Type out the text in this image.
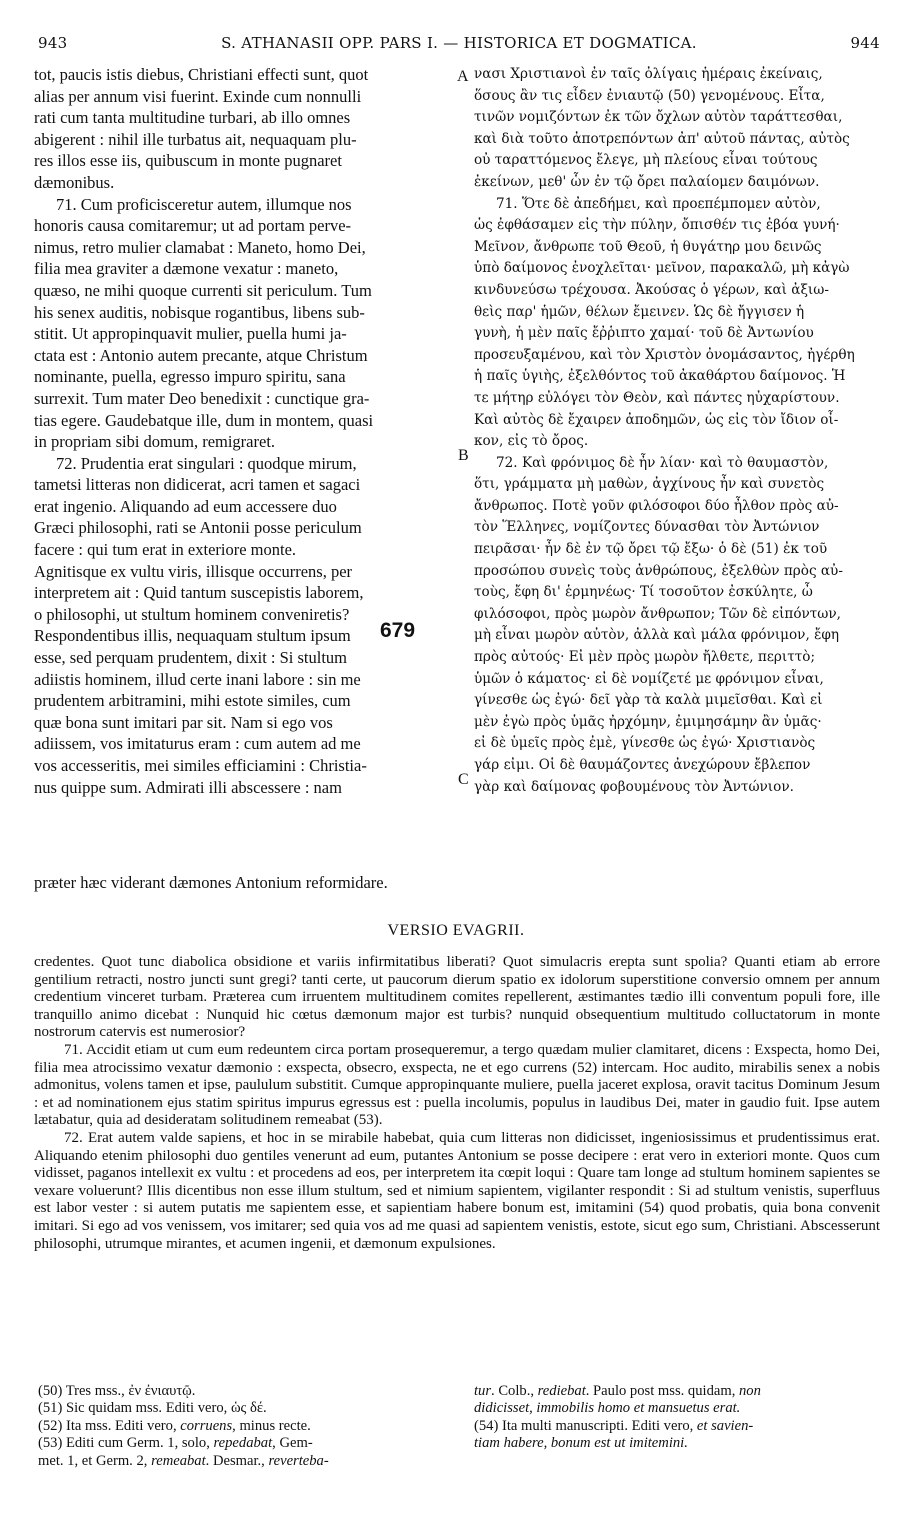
943	S. ATHANASII OPP. PARS I. — HISTORICA ET DOGMATICA.	944

tot, paucis istis diebus, Christiani effecti sunt, quot

alias per annum visi fuerint. Exinde cum nonnulli

rati cum tanta multitudine turbari, ab illo omnes

abigerent : nihil ille turbatus ait, nequaquam plu-

res illos esse iis, quibuscum in monte pugnaret

dæmonibus.

71. Cum proficisceretur autem, illumque nos

honoris causa comitaremur; ut ad portam perve-

nimus, retro mulier clamabat : Maneto, homo Dei,

filia mea graviter a dæmone vexatur : maneto,

quæso, ne mihi quoque currenti sit periculum. Tum

his senex auditis, nobisque rogantibus, libens sub-

stitit. Ut appropinquavit mulier, puella humi ja-

ctata est : Antonio autem precante, atque Christum

nominante, puella, egresso impuro spiritu, sana

surrexit. Tum mater Deo benedixit : cunctique gra-

tias egere. Gaudebatque ille, dum in montem, quasi

in propriam sibi domum, remigraret.

72. Prudentia erat singulari : quodque mirum,

tametsi litteras non didicerat, acri tamen et sagaci

erat ingenio. Aliquando ad eum accessere duo

Græci philosophi, rati se Antonii posse periculum

facere : qui tum erat in exteriore monte.

Agnitisque ex vultu viris, illisque occurrens, per

interpretem ait : Quid tantum suscepistis laborem,

o philosophi, ut stultum hominem conveniretis?

Respondentibus illis, nequaquam stultum ipsum

esse, sed perquam prudentem, dixit : Si stultum

adiistis hominem, illud certe inani labore : sin me

prudentem arbitramini, mihi estote similes, cum

quæ bona sunt imitari par sit. Nam si ego vos

adiissem, vos imitaturus eram : cum autem ad me

vos accesseritis, mei similes efficiamini : Christia-

nus quippe sum. Admirati illi abscessere : nam

679

νασι Χριστιανοὶ ἐν ταῖς ὀλίγαις ἡμέραις ἐκείναις,

ὅσους ἂν τις εἶδεν ἐνιαυτῷ (50) γενομένους. Εἶτα,

τινῶν νομιζόντων ἐκ τῶν ὄχλων αὐτὸν ταράττεσθαι,

καὶ διὰ τοῦτο ἀποτρεπόντων ἀπ' αὐτοῦ πάντας, αὐτὸς

οὐ ταραττόμενος ἔλεγε, μὴ πλείους εἶναι τούτους

ἐκείνων, μεθ' ὧν ἐν τῷ ὄρει παλαίομεν δαιμόνων.

71. Ὅτε δὲ ἀπεδήμει, καὶ προεπέμπομεν αὐτὸν,

ὡς ἐφθάσαμεν εἰς τὴν πύλην, ὄπισθέν τις ἐβόα γυνή·

Μεῖνον, ἄνθρωπε τοῦ Θεοῦ, ἡ θυγάτηρ μου δεινῶς

ὑπὸ δαίμονος ἐνοχλεῖται· μεῖνον, παρακαλῶ, μὴ κἀγὼ

κινδυνεύσω τρέχουσα. Ἀκούσας ὁ γέρων, καὶ ἀξιω-

θεὶς παρ' ἡμῶν, θέλων ἔμεινεν. Ὡς δὲ ἤγγισεν ἡ

γυνὴ, ἡ μὲν παῖς ἔῤῥιπτο χαμαί· τοῦ δὲ Ἀντωνίου

προσευξαμένου, καὶ τὸν Χριστὸν ὀνομάσαντος, ἠγέρθη

ἡ παῖς ὑγιὴς, ἐξελθόντος τοῦ ἀκαθάρτου δαίμονος. Ἡ

τε μήτηρ εὐλόγει τὸν Θεὸν, καὶ πάντες ηὐχαρίστουν.

Καὶ αὐτὸς δὲ ἔχαιρεν ἀποδημῶν, ὡς εἰς τὸν ἴδιον οἶ-

κον, εἰς τὸ ὄρος.

72. Καὶ φρόνιμος δὲ ἦν λίαν· καὶ τὸ θαυμαστὸν,

ὅτι, γράμματα μὴ μαθὼν, ἀγχίνους ἦν καὶ συνετὸς

ἄνθρωπος. Ποτὲ γοῦν φιλόσοφοι δύο ἦλθον πρὸς αὐ-

τὸν Ἕλληνες, νομίζοντες δύνασθαι τὸν Ἀντώνιον

πειρᾶσαι· ἦν δὲ ἐν τῷ ὄρει τῷ ἔξω· ὁ δὲ (51) ἐκ τοῦ

προσώπου συνεὶς τοὺς ἀνθρώπους, ἐξελθὼν πρὸς αὐ-

τοὺς, ἔφη δι' ἑρμηνέως· Τί τοσοῦτον ἐσκύλητε, ὦ

φιλόσοφοι, πρὸς μωρὸν ἄνθρωπον; Τῶν δὲ εἰπόντων,

μὴ εἶναι μωρὸν αὐτὸν, ἀλλὰ καὶ μάλα φρόνιμον, ἔφη

πρὸς αὐτούς· Εἰ μὲν πρὸς μωρὸν ἤλθετε, περιττὸ;

ὑμῶν ὁ κάματος· εἰ δὲ νομίζετέ με φρόνιμον εἶναι,

γίνεσθε ὡς ἐγώ· δεῖ γὰρ τὰ καλὰ μιμεῖσθαι. Καὶ εἰ

μὲν ἐγὼ πρὸς ὑμᾶς ἠρχόμην, ἐμιμησάμην ἂν ὑμᾶς·

εἰ δὲ ὑμεῖς πρὸς ἐμὲ, γίνεσθε ὡς ἐγώ· Χριστιανὸς

γάρ εἰμι. Οἱ δὲ θαυμάζοντες ἀνεχώρουν ἔβλεπον

γὰρ καὶ δαίμονας φοβουμένους τὸν Ἀντώνιον.

A
B
C
præter hæc viderant dæmones Antonium reformidare.
VERSIO EVAGRII.

credentes. Quot tunc diabolica obsidione et variis infirmitatibus liberati? Quot simulacris erepta sunt spolia? Quanti etiam ab errore gentilium retracti, nostro juncti sunt gregi? tanti certe, ut paucorum dierum spatio ex idolorum superstitione conversio omnem per annum credentium vinceret turbam. Præterea cum irruentem multitudinem comites repellerent, æstimantes tædio illi conventum populi fore, ille tranquillo animo dicebat : Nunquid hic cœtus dæmonum major est turbis? nunquid obsequentium multitudo colluctatorum in monte nostrorum catervis est numerosior?

71. Accidit etiam ut cum eum redeuntem circa portam prosequeremur, a tergo quædam mulier clamitaret, dicens : Exspecta, homo Dei, filia mea atrocissimo vexatur dæmonio : exspecta, obsecro, exspecta, ne et ego currens (52) intercam. Hoc audito, mirabilis senex a nobis admonitus, volens tamen et ipse, paululum substitit. Cumque appropinquante muliere, puella jaceret explosa, oravit tacitus Dominum Jesum : et ad nominationem ejus statim spiritus impurus egressus est : puella incolumis, populus in laudibus Dei, mater in gaudio fuit. Ipse autem lætabatur, quia ad desideratam solitudinem remeabat (53).

72. Erat autem valde sapiens, et hoc in se mirabile habebat, quia cum litteras non didicisset, ingeniosissimus et prudentissimus erat. Aliquando etenim philosophi duo gentiles venerunt ad eum, putantes Antonium se posse decipere : erat vero in exteriori monte. Quos cum vidisset, paganos intellexit ex vultu : et procedens ad eos, per interpretem ita cœpit loqui : Quare tam longe ad stultum hominem sapientes se vexare voluerunt? Illis dicentibus non esse illum stultum, sed et nimium sapientem, vigilanter respondit : Si ad stultum venistis, superfluus est labor vester : si autem putatis me sapientem esse, et sapientiam habere bonum est, imitamini (54) quod probatis, quia bona convenit imitari. Si ego ad vos venissem, vos imitarer; sed quia vos ad me quasi ad sapientem venistis, estote, sicut ego sum, Christiani. Abscesserunt philosophi, utrumque mirantes, et acumen ingenii, et dæmonum expulsiones.

(50) Tres mss., ἐν ἐνιαυτῷ.

(51) Sic quidam mss. Editi vero, ὡς δέ.

(52) Ita mss. Editi vero, corruens, minus recte.

(53) Editi cum Germ. 1, solo, repedabat, Gem-

met. 1, et Germ. 2, remeabat. Desmar., reverteba-

tur. Colb., rediebat. Paulo post mss. quidam, non

didicisset, immobilis homo et mansuetus erat.

(54) Ita multi manuscripti. Editi vero, et savien-

tiam habere, bonum est ut imitemini.
